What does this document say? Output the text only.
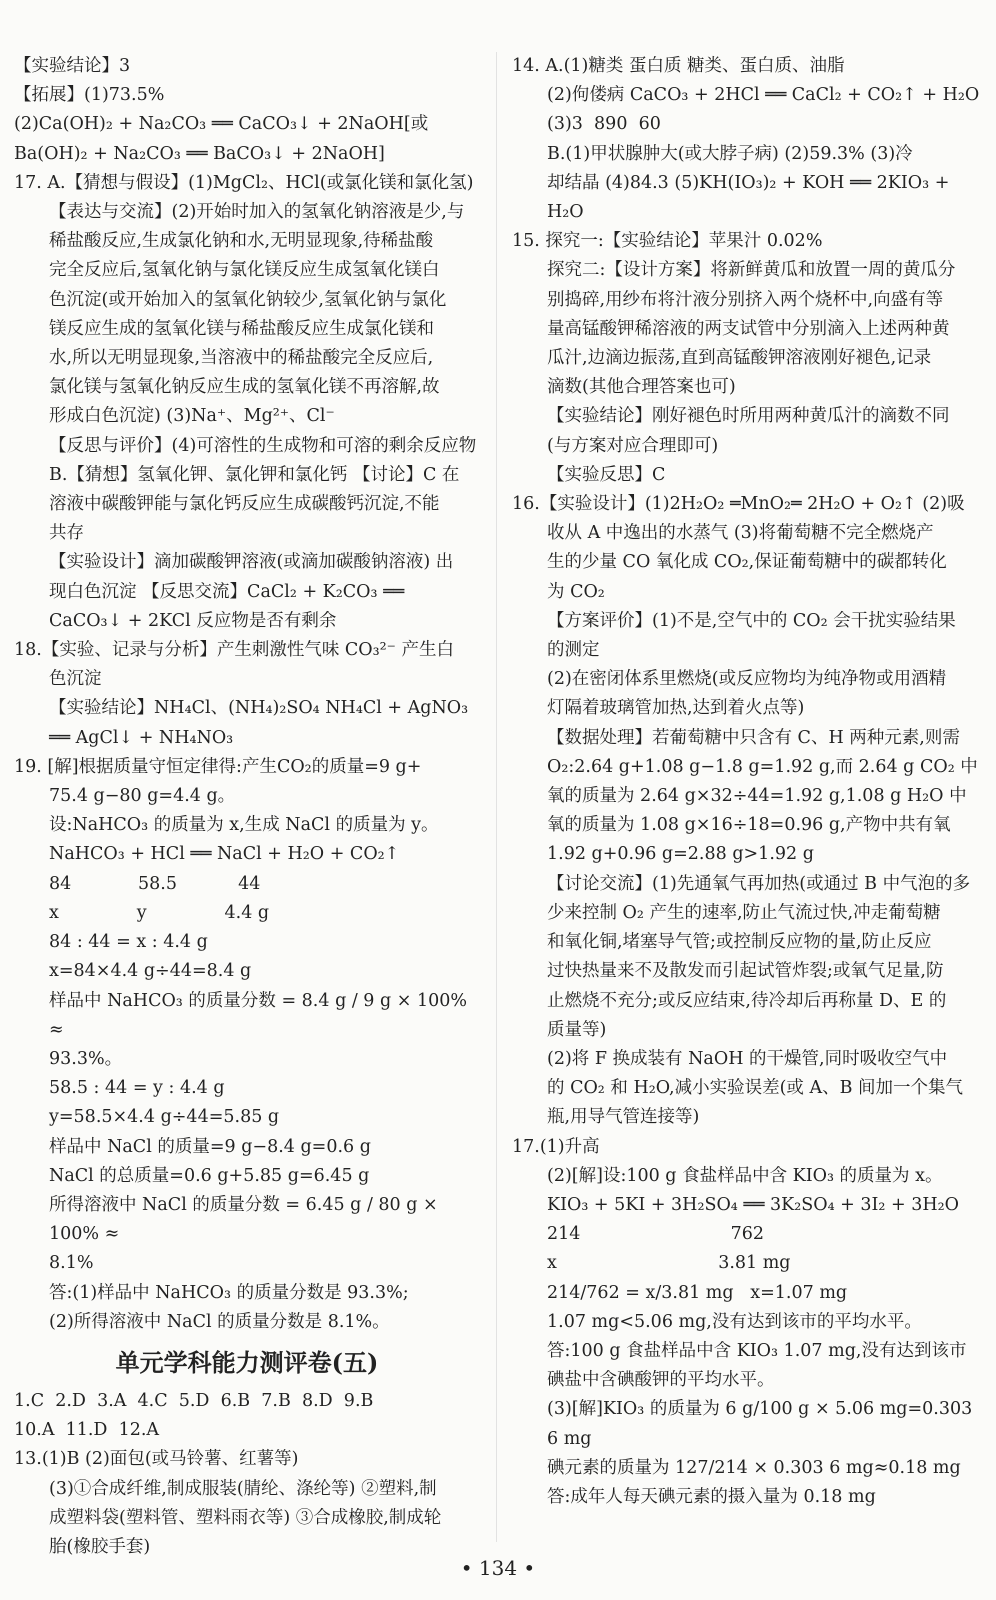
【实验结论】3
【拓展】(1)73.5%
(2)Ca(OH)₂ + Na₂CO₃ ══ CaCO₃↓ + 2NaOH[或
Ba(OH)₂ + Na₂CO₃ ══ BaCO₃↓ + 2NaOH]
17. A.【猜想与假设】(1)MgCl₂、HCl(或氯化镁和氯化氢)
【表达与交流】(2)开始时加入的氢氧化钠溶液是少,与
稀盐酸反应,生成氯化钠和水,无明显现象,待稀盐酸
完全反应后,氢氧化钠与氯化镁反应生成氢氧化镁白
色沉淀(或开始加入的氢氧化钠较少,氢氧化钠与氯化
镁反应生成的氢氧化镁与稀盐酸反应生成氯化镁和
水,所以无明显现象,当溶液中的稀盐酸完全反应后,
氯化镁与氢氧化钠反应生成的氢氧化镁不再溶解,故
形成白色沉淀) (3)Na⁺、Mg²⁺、Cl⁻
【反思与评价】(4)可溶性的生成物和可溶的剩余反应物
B.【猜想】氢氧化钾、氯化钾和氯化钙 【讨论】C 在
溶液中碳酸钾能与氯化钙反应生成碳酸钙沉淀,不能
共存
【实验设计】滴加碳酸钾溶液(或滴加碳酸钠溶液) 出
现白色沉淀 【反思交流】CaCl₂ + K₂CO₃ ══
CaCO₃↓ + 2KCl 反应物是否有剩余
18.【实验、记录与分析】产生刺激性气味 CO₃²⁻ 产生白
色沉淀
【实验结论】NH₄Cl、(NH₄)₂SO₄ NH₄Cl + AgNO₃
══ AgCl↓ + NH₄NO₃
19. [解]根据质量守恒定律得:产生CO₂的质量=9 g+
75.4 g−80 g=4.4 g。
设:NaHCO₃ 的质量为 x,生成 NaCl 的质量为 y。
NaHCO₃ + HCl ══ NaCl + H₂O + CO₂↑
84            58.5           44
x              y              4.4 g
84 : 44 = x : 4.4 g
x=84×4.4 g÷44=8.4 g
样品中 NaHCO₃ 的质量分数 = 8.4 g / 9 g × 100% ≈
93.3%。
58.5 : 44 = y : 4.4 g
y=58.5×4.4 g÷44=5.85 g
样品中 NaCl 的质量=9 g−8.4 g=0.6 g
NaCl 的总质量=0.6 g+5.85 g=6.45 g
所得溶液中 NaCl 的质量分数 = 6.45 g / 80 g × 100% ≈
8.1%
答:(1)样品中 NaHCO₃ 的质量分数是 93.3%;
(2)所得溶液中 NaCl 的质量分数是 8.1%。
单元学科能力测评卷(五)
1.C  2.D  3.A  4.C  5.D  6.B  7.B  8.D  9.B
10.A  11.D  12.A
13.(1)B (2)面包(或马铃薯、红薯等)
(3)①合成纤维,制成服装(腈纶、涤纶等) ②塑料,制
成塑料袋(塑料管、塑料雨衣等) ③合成橡胶,制成轮
胎(橡胶手套)
14. A.(1)糖类 蛋白质 糖类、蛋白质、油脂
(2)佝偻病 CaCO₃ + 2HCl ══ CaCl₂ + CO₂↑ + H₂O
(3)3  890  60
B.(1)甲状腺肿大(或大脖子病) (2)59.3% (3)冷
却结晶 (4)84.3 (5)KH(IO₃)₂ + KOH ══ 2KIO₃ +
H₂O
15. 探究一:【实验结论】苹果汁 0.02%
探究二:【设计方案】将新鲜黄瓜和放置一周的黄瓜分
别捣碎,用纱布将汁液分别挤入两个烧杯中,向盛有等
量高锰酸钾稀溶液的两支试管中分别滴入上述两种黄
瓜汁,边滴边振荡,直到高锰酸钾溶液刚好褪色,记录
滴数(其他合理答案也可)
【实验结论】刚好褪色时所用两种黄瓜汁的滴数不同
(与方案对应合理即可)
【实验反思】C
16.【实验设计】(1)2H₂O₂ ═MnO₂═ 2H₂O + O₂↑ (2)吸
收从 A 中逸出的水蒸气 (3)将葡萄糖不完全燃烧产
生的少量 CO 氧化成 CO₂,保证葡萄糖中的碳都转化
为 CO₂
【方案评价】(1)不是,空气中的 CO₂ 会干扰实验结果
的测定
(2)在密闭体系里燃烧(或反应物均为纯净物或用酒精
灯隔着玻璃管加热,达到着火点等)
【数据处理】若葡萄糖中只含有 C、H 两种元素,则需
O₂:2.64 g+1.08 g−1.8 g=1.92 g,而 2.64 g CO₂ 中
氧的质量为 2.64 g×32÷44=1.92 g,1.08 g H₂O 中
氧的质量为 1.08 g×16÷18=0.96 g,产物中共有氧
1.92 g+0.96 g=2.88 g>1.92 g
【讨论交流】(1)先通氧气再加热(或通过 B 中气泡的多
少来控制 O₂ 产生的速率,防止气流过快,冲走葡萄糖
和氧化铜,堵塞导气管;或控制反应物的量,防止反应
过快热量来不及散发而引起试管炸裂;或氧气足量,防
止燃烧不充分;或反应结束,待冷却后再称量 D、E 的
质量等)
(2)将 F 换成装有 NaOH 的干燥管,同时吸收空气中
的 CO₂ 和 H₂O,减小实验误差(或 A、B 间加一个集气
瓶,用导气管连接等)
17.(1)升高
(2)[解]设:100 g 食盐样品中含 KIO₃ 的质量为 x。
KIO₃ + 5KI + 3H₂SO₄ ══ 3K₂SO₄ + 3I₂ + 3H₂O
214                           762
x                             3.81 mg
214/762 = x/3.81 mg   x=1.07 mg
1.07 mg<5.06 mg,没有达到该市的平均水平。
答:100 g 食盐样品中含 KIO₃ 1.07 mg,没有达到该市
碘盐中含碘酸钾的平均水平。
(3)[解]KIO₃ 的质量为 6 g/100 g × 5.06 mg=0.303 6 mg
碘元素的质量为 127/214 × 0.303 6 mg≈0.18 mg
答:成年人每天碘元素的摄入量为 0.18 mg
• 134 •
